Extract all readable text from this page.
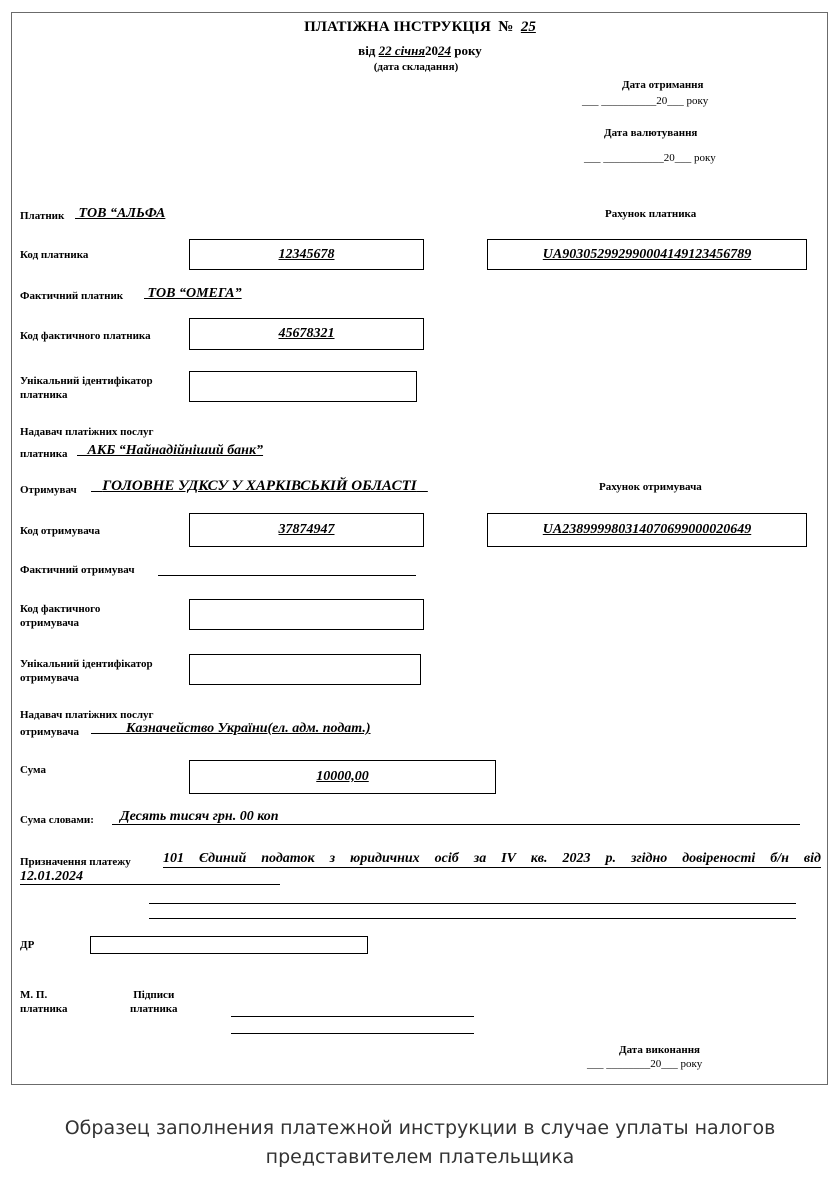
ПЛАТІЖНА ІНСТРУКЦІЯ № 25
від 22 січня2024 року
(дата складання)
Дата отримання
___ __________20___ року
Дата валютування
___ ___________20___ року
Платник ТОВ “АЛЬФА	Рахунок платника
Код платника	12345678	UA903052992990004149123456789
Фактичний платник ТОВ “ОМЕГА”
Код фактичного платника	45678321
Унікальний ідентифікатор
платника
Надавач платіжних послуг
платника	АКБ “Найнадійніший банк”
Отримувач	ГОЛОВНЕ УДКСУ У ХАРКІВСЬКІЙ ОБЛАСТІ	Рахунок отримувача
Код отримувача	37874947	UA238999980314070699000020649
Фактичний отримувач
Код фактичного
отримувача
Унікальний ідентифікатор
отримувача
Надавач платіжних послуг
отримувача	Казначейство України(ел. адм. подат.)
Сума	10000,00
Сума словами: Десять тисяч грн. 00 коп
Призначення платежу 101 Єдиний податок з юридичних осіб за IV кв. 2023 р. згідно довіреності б/н від
12.01.2024
ДР
М. П.
платника
Підписи
платника
Дата виконання
___ ________20___ року
Образец заполнения платежной инструкции в случае уплаты налогов
представителем плательщика
